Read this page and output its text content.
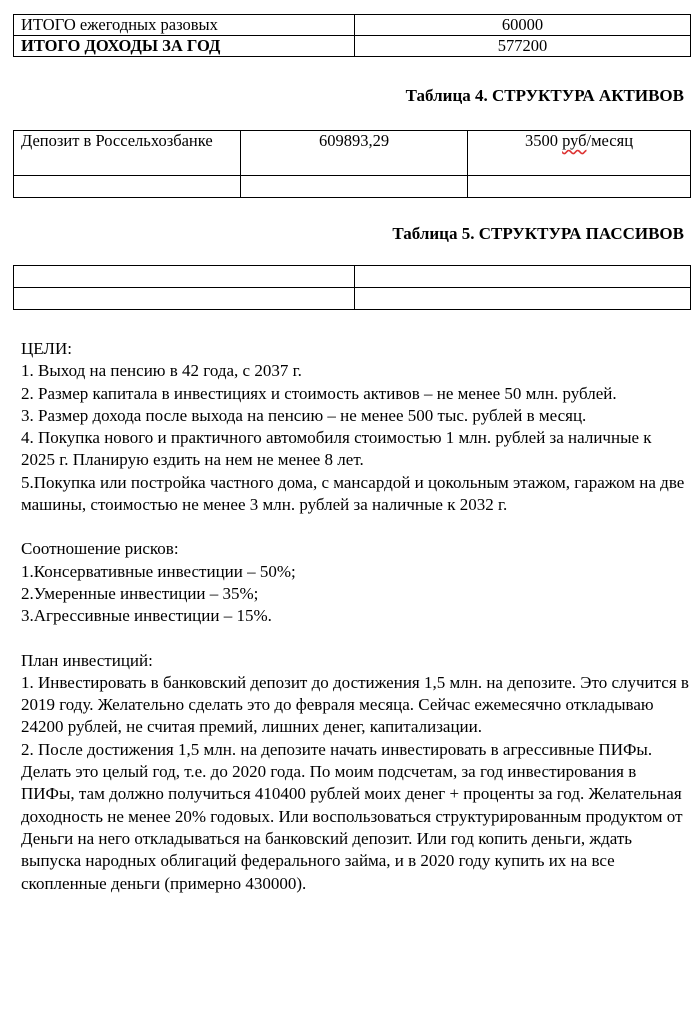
ИТОГО ежегодных разовых	60000
ИТОГО ДОХОДЫ ЗА ГОД	577200
Таблица 4. СТРУКТУРА АКТИВОВ
Депозит в Россельхозбанке	609893,29	3500 руб/месяц

Таблица 5. СТРУКТУРА ПАССИВОВ

ЦЕЛИ:

1. Выход на пенсию в 42 года, с 2037 г.

2. Размер капитала в инвестициях и стоимость активов – не менее 50 млн. рублей.

3. Размер дохода после выхода на пенсию – не менее 500 тыс. рублей в месяц.

4. Покупка нового и практичного автомобиля стоимостью 1 млн. рублей за наличные к 2025 г. Планирую ездить на нем не менее 8 лет.

5.Покупка или постройка частного дома, с мансардой и цокольным этажом, гаражом на две машины, стоимостью не менее 3 млн. рублей за наличные к 2032 г.

Соотношение рисков:

1.Консервативные инвестиции – 50%;

2.Умеренные инвестиции – 35%;

3.Агрессивные инвестиции – 15%.

План инвестиций:

1. Инвестировать в банковский депозит до достижения 1,5 млн. на депозите. Это случится в 2019 году. Желательно сделать это до февраля месяца. Сейчас ежемесячно откладываю 24200 рублей, не считая премий, лишних денег, капитализации.

2. После достижения 1,5 млн. на депозите начать инвестировать в агрессивные ПИФы. Делать это целый год, т.е. до 2020 года. По моим подсчетам, за год инвестирования в ПИФы, там должно получиться 410400 рублей моих денег + проценты за год. Желательная доходность не менее 20% годовых. Или воспользоваться структурированным продуктом от Деньги на него откладываться на банковский депозит. Или год копить деньги, ждать выпуска народных облигаций федерального займа, и в 2020 году купить их на все скопленные деньги (примерно 430000).
